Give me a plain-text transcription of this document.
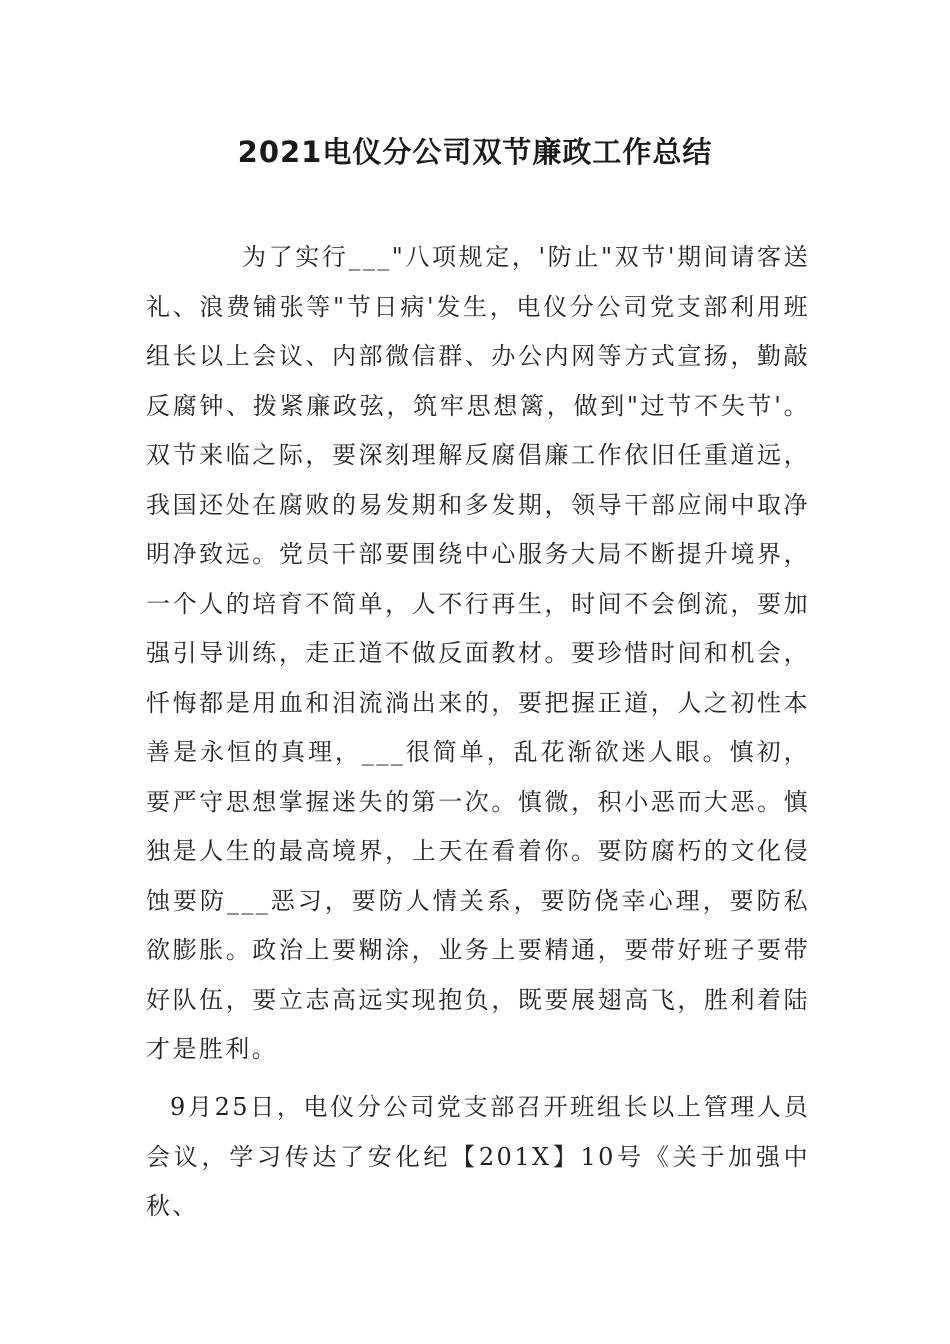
2021电仪分公司双节廉政工作总结

为了实行___"八项规定，'防止"双节'期间请客送礼、浪费铺张等"节日病'发生，电仪分公司党支部利用班组长以上会议、内部微信群、办公内网等方式宣扬，勤敲反腐钟、拨紧廉政弦，筑牢思想篱，做到"过节不失节'。双节来临之际，要深刻理解反腐倡廉工作依旧任重道远，我国还处在腐败的易发期和多发期，领导干部应闹中取净明净致远。党员干部要围绕中心服务大局不断提升境界，一个人的培育不简单，人不行再生，时间不会倒流，要加强引导训练，走正道不做反面教材。要珍惜时间和机会，忏悔都是用血和泪流淌出来的，要把握正道，人之初性本善是永恒的真理，___很简单，乱花渐欲迷人眼。慎初，要严守思想掌握迷失的第一次。慎微，积小恶而大恶。慎独是人生的最高境界，上天在看着你。要防腐朽的文化侵蚀要防___恶习，要防人情关系，要防侥幸心理，要防私欲膨胀。政治上要糊涂，业务上要精通，要带好班子要带好队伍，要立志高远实现抱负，既要展翅高飞，胜利着陆才是胜利。

9月25日，电仪分公司党支部召开班组长以上管理人员会议，学习传达了安化纪【201X】10号《关于加强中秋、
